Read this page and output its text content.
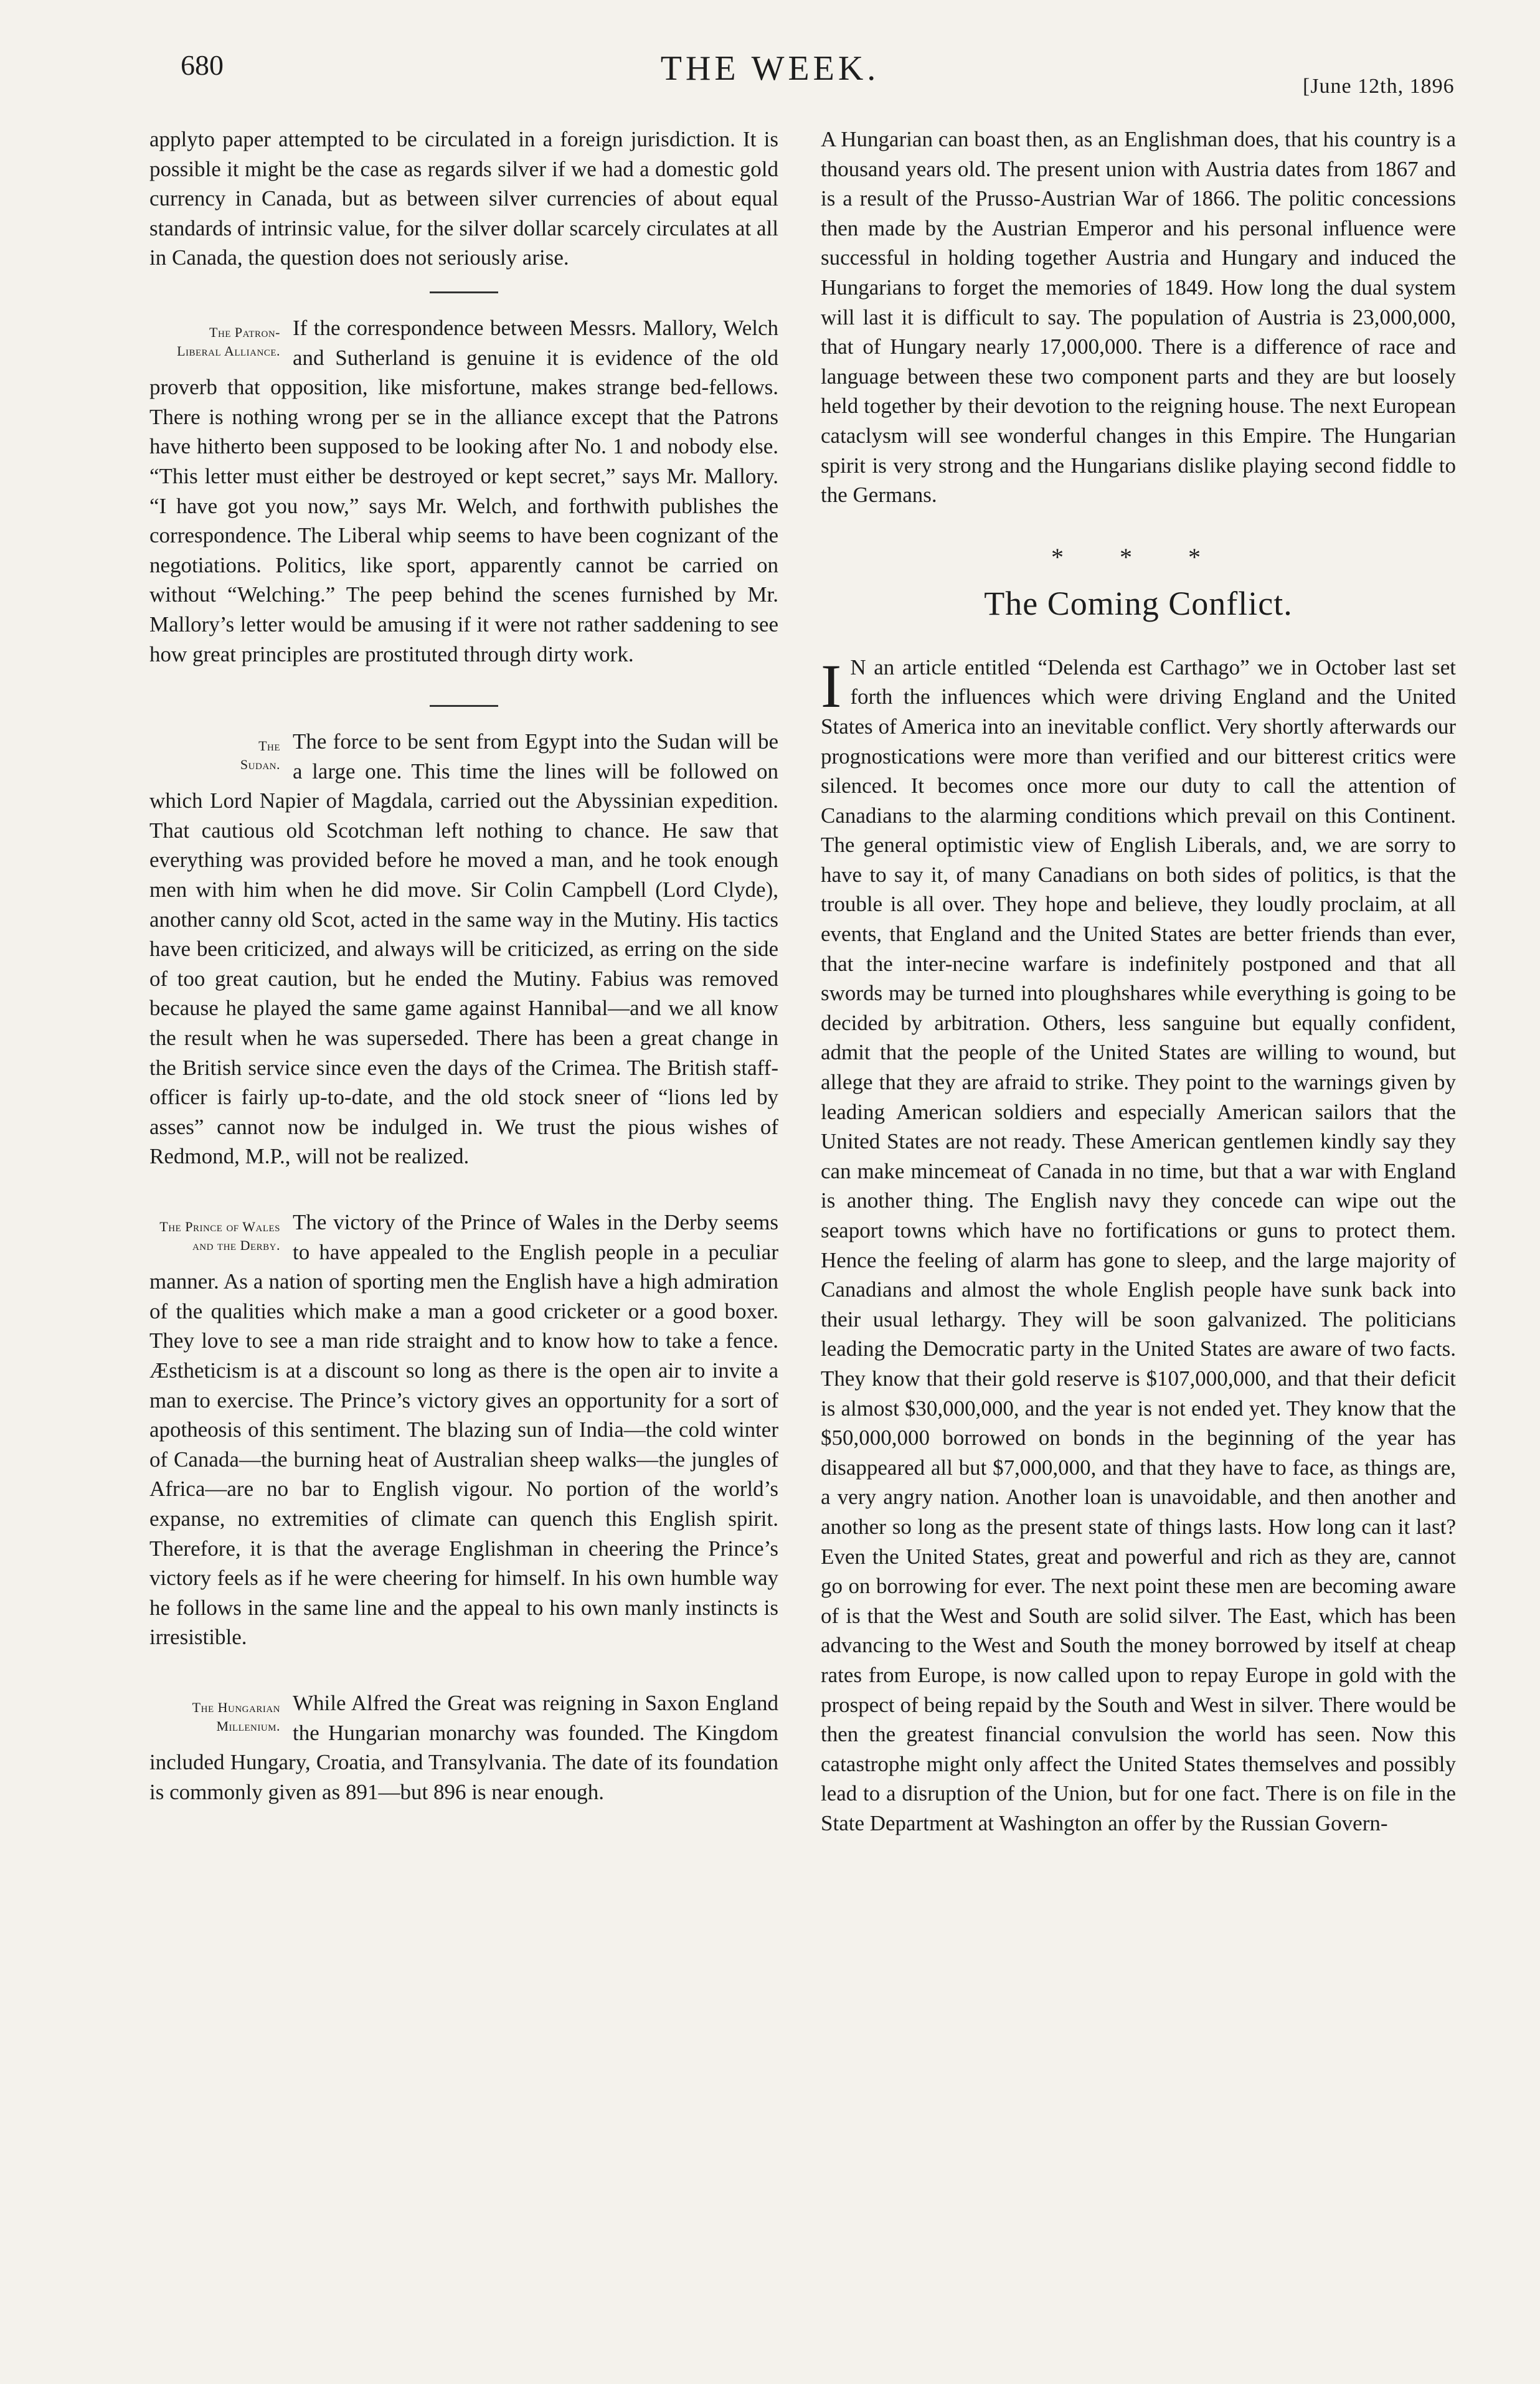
680	THE WEEK.	[June 12th, 1896

applyto paper attempted to be circulated in a foreign jurisdiction. It is possible it might be the case as regards silver if we had a domestic gold currency in Canada, but as between silver currencies of about equal standards of intrinsic value, for the silver dollar scarcely circulates at all in Canada, the question does not seriously arise.

The Patron-
Liberal Alliance.

If the correspondence between Messrs. Mallory, Welch and Sutherland is genuine it is evidence of the old proverb that opposition, like misfortune, makes strange bed-fellows. There is nothing wrong per se in the alliance except that the Patrons have hitherto been supposed to be looking after No. 1 and nobody else. “This letter must either be destroyed or kept secret,” says Mr. Mallory. “I have got you now,” says Mr. Welch, and forthwith publishes the correspondence. The Liberal whip seems to have been cognizant of the negotiations. Politics, like sport, apparently cannot be carried on without “Welching.” The peep behind the scenes furnished by Mr. Mallory’s letter would be amusing if it were not rather saddening to see how great principles are prostituted through dirty work.

The
Sudan.

The force to be sent from Egypt into the Sudan will be a large one. This time the lines will be followed on which Lord Napier of Magdala, carried out the Abyssinian expedition. That cautious old Scotchman left nothing to chance. He saw that everything was provided before he moved a man, and he took enough men with him when he did move. Sir Colin Campbell (Lord Clyde), another canny old Scot, acted in the same way in the Mutiny. His tactics have been criticized, and always will be criticized, as erring on the side of too great caution, but he ended the Mutiny. Fabius was removed because he played the same game against Hannibal—and we all know the result when he was superseded. There has been a great change in the British service since even the days of the Crimea. The British staff-officer is fairly up-to-date, and the old stock sneer of “lions led by asses” cannot now be indulged in. We trust the pious wishes of Redmond, M.P., will not be realized.

The Prince of Wales
and the Derby.

The victory of the Prince of Wales in the Derby seems to have appealed to the English people in a peculiar manner. As a nation of sporting men the English have a high admiration of the qualities which make a man a good cricketer or a good boxer. They love to see a man ride straight and to know how to take a fence. Æstheticism is at a discount so long as there is the open air to invite a man to exercise. The Prince’s victory gives an opportunity for a sort of apotheosis of this sentiment. The blazing sun of India—the cold winter of Canada—the burning heat of Australian sheep walks—the jungles of Africa—are no bar to English vigour. No portion of the world’s expanse, no extremities of climate can quench this English spirit. Therefore, it is that the average Englishman in cheering the Prince’s victory feels as if he were cheering for himself. In his own humble way he follows in the same line and the appeal to his own manly instincts is irresistible.

The Hungarian
Millenium.

While Alfred the Great was reigning in Saxon England the Hungarian monarchy was founded. The Kingdom included Hungary, Croatia, and Transylvania. The date of its foundation is commonly given as 891—but 896 is near enough.

A Hungarian can boast then, as an Englishman does, that his country is a thousand years old. The present union with Austria dates from 1867 and is a result of the Prusso-Austrian War of 1866. The politic concessions then made by the Austrian Emperor and his personal influence were successful in holding together Austria and Hungary and induced the Hungarians to forget the memories of 1849. How long the dual system will last it is difficult to say. The population of Austria is 23,000,000, that of Hungary nearly 17,000,000. There is a difference of race and language between these two component parts and they are but loosely held together by their devotion to the reigning house. The next European cataclysm will see wonderful changes in this Empire. The Hungarian spirit is very strong and the Hungarians dislike playing second fiddle to the Germans.

* * *
The Coming Conflict.
I N an article entitled “Delenda est Carthago” we in October last set forth the influences which were driving England and the United States of America into an inevitable conflict. Very shortly afterwards our prognostications were more than verified and our bitterest critics were silenced. It becomes once more our duty to call the attention of Canadians to the alarming conditions which prevail on this Continent. The general optimistic view of English Liberals, and, we are sorry to have to say it, of many Canadians on both sides of politics, is that the trouble is all over. They hope and believe, they loudly proclaim, at all events, that England and the United States are better friends than ever, that the inter-necine warfare is indefinitely postponed and that all swords may be turned into ploughshares while everything is going to be decided by arbitration. Others, less sanguine but equally confident, admit that the people of the United States are willing to wound, but allege that they are afraid to strike. They point to the warnings given by leading American soldiers and especially American sailors that the United States are not ready. These American gentlemen kindly say they can make mincemeat of Canada in no time, but that a war with England is another thing. The English navy they concede can wipe out the seaport towns which have no fortifications or guns to protect them. Hence the feeling of alarm has gone to sleep, and the large majority of Canadians and almost the whole English people have sunk back into their usual lethargy. They will be soon galvanized. The politicians leading the Democratic party in the United States are aware of two facts. They know that their gold reserve is $107,000,000, and that their deficit is almost $30,000,000, and the year is not ended yet. They know that the $50,000,000 borrowed on bonds in the beginning of the year has disappeared all but $7,000,000, and that they have to face, as things are, a very angry nation. Another loan is unavoidable, and then another and another so long as the present state of things lasts. How long can it last? Even the United States, great and powerful and rich as they are, cannot go on borrowing for ever. The next point these men are becoming aware of is that the West and South are solid silver. The East, which has been advancing to the West and South the money borrowed by itself at cheap rates from Europe, is now called upon to repay Europe in gold with the prospect of being repaid by the South and West in silver. There would be then the greatest financial convulsion the world has seen. Now this catastrophe might only affect the United States themselves and possibly lead to a disruption of the Union, but for one fact. There is on file in the State Department at Washington an offer by the Russian Govern-
